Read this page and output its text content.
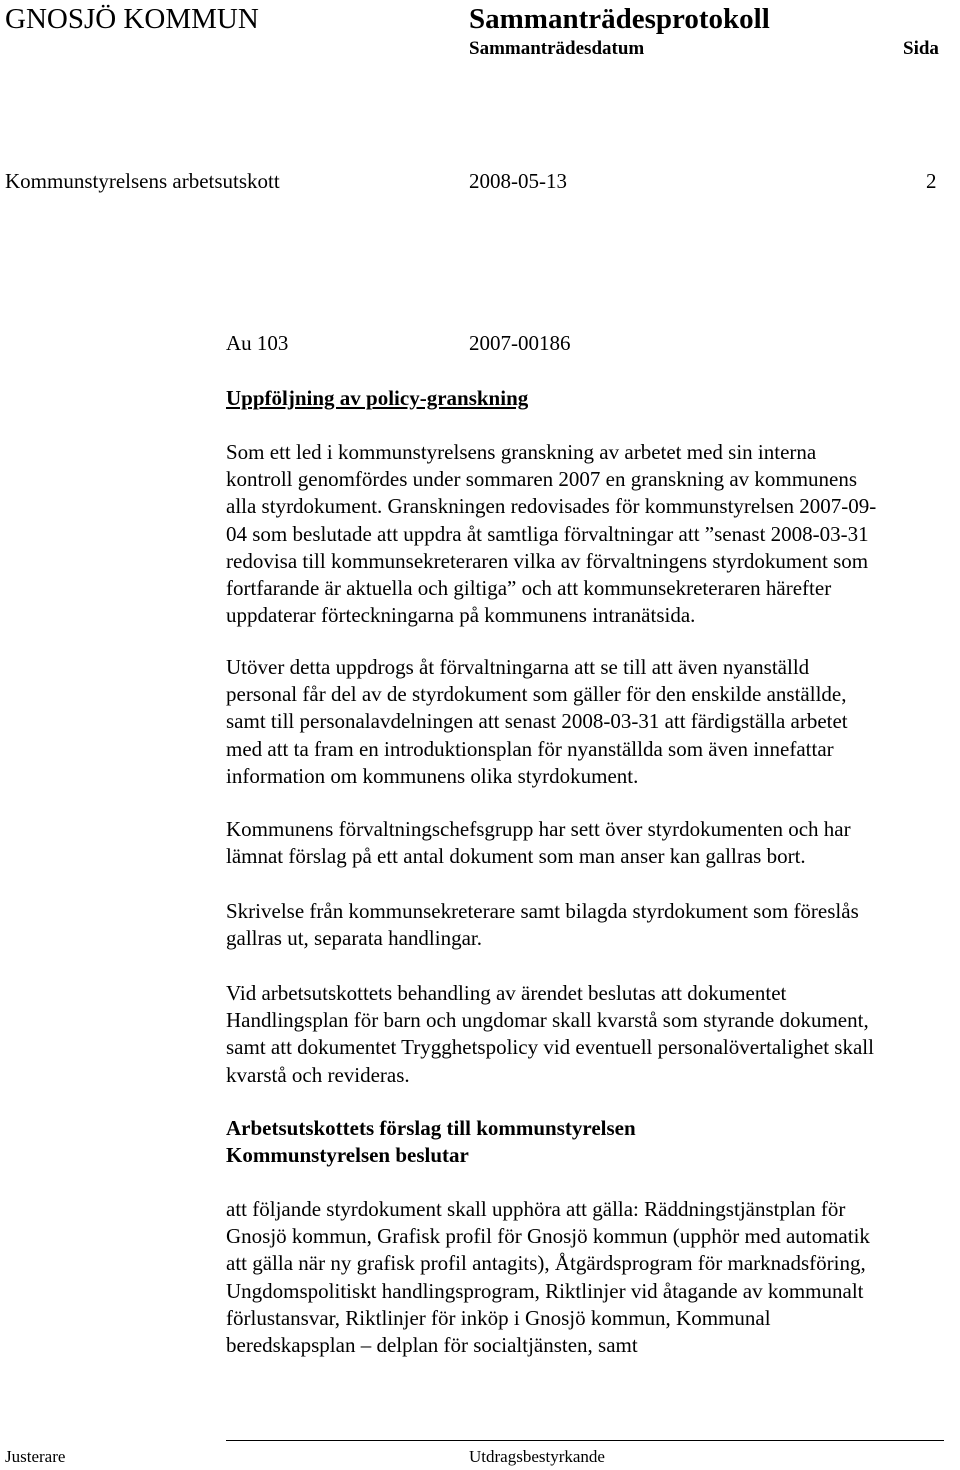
GNOSJÖ KOMMUN	Sammanträdesprotokoll
Sammanträdesdatum	Sida
Kommunstyrelsens arbetsutskott	2008-05-13	2
Au 103	2007-00186
Uppföljning av policy-granskning

Som ett led i kommunstyrelsens granskning av arbetet med sin interna
kontroll genomfördes under sommaren 2007 en granskning av kommunens
alla styrdokument. Granskningen redovisades för kommunstyrelsen 2007-09-
04 som beslutade att uppdra åt samtliga förvaltningar att ”senast 2008-03-31
redovisa till kommunsekreteraren vilka av förvaltningens styrdokument som
fortfarande är aktuella och giltiga” och att kommunsekreteraren härefter
uppdaterar förteckningarna på kommunens intranätsida.

Utöver detta uppdrogs åt förvaltningarna att se till att även nyanställd
personal får del av de styrdokument som gäller för den enskilde anställde,
samt till personalavdelningen att senast 2008-03-31 att färdigställa arbetet
med att ta fram en introduktionsplan för nyanställda som även innefattar
information om kommunens olika styrdokument.

Kommunens förvaltningschefsgrupp har sett över styrdokumenten och har
lämnat förslag på ett antal dokument som man anser kan gallras bort.

Skrivelse från kommunsekreterare samt bilagda styrdokument som föreslås
gallras ut, separata handlingar.

Vid arbetsutskottets behandling av ärendet beslutas att dokumentet
Handlingsplan för barn och ungdomar skall kvarstå som styrande dokument,
samt att dokumentet Trygghetspolicy vid eventuell personalövertalighet skall
kvarstå och revideras.

Arbetsutskottets förslag till kommunstyrelsen
Kommunstyrelsen beslutar

att följande styrdokument skall upphöra att gälla: Räddningstjänstplan för
Gnosjö kommun, Grafisk profil för Gnosjö kommun (upphör med automatik
att gälla när ny grafisk profil antagits), Åtgärdsprogram för marknadsföring,
Ungdomspolitiskt handlingsprogram, Riktlinjer vid åtagande av kommunalt
förlustansvar, Riktlinjer för inköp i Gnosjö kommun, Kommunal
beredskapsplan – delplan för socialtjänsten, samt

Justerare	Utdragsbestyrkande
